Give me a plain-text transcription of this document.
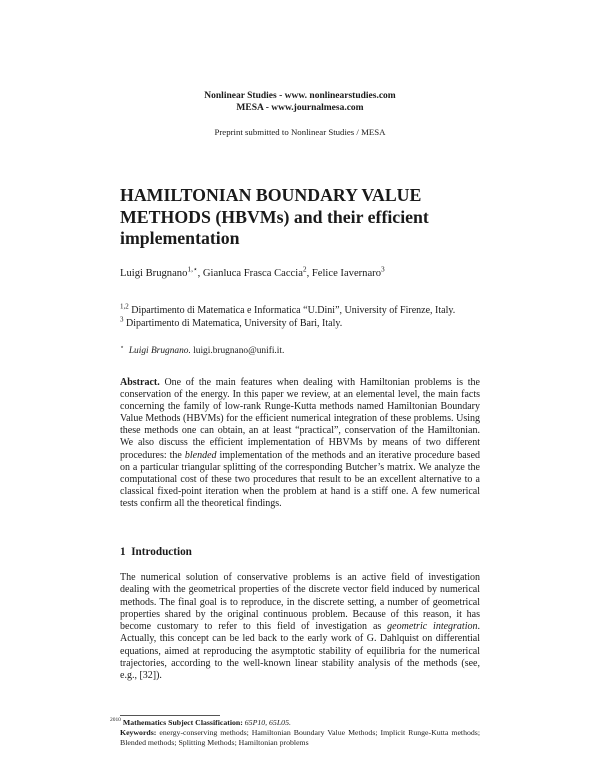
Nonlinear Studies - www. nonlinearstudies.com
MESA - www.journalmesa.com
Preprint submitted to Nonlinear Studies / MESA
HAMILTONIAN BOUNDARY VALUE
METHODS (HBVMs) and their efficient
implementation
Luigi Brugnano$^{1,⋆}$, Gianluca Frasca Caccia$^2$, Felice Iavernaro$^3$
$^{1,2}$ Dipartimento di Matematica e Informatica “U.Dini”, University of Firenze, Italy.
$^3$ Dipartimento di Matematica, University of Bari, Italy.
⋆ Luigi Brugnano. luigi.brugnano@unifi.it.
Abstract. One of the main features when dealing with Hamiltonian problems is the conservation of the energy. In this paper we review, at an elemental level, the main facts concerning the family of low-rank Runge-Kutta methods named Hamiltonian Boundary Value Methods (HBVMs) for the efficient numerical integration of these problems. Using these methods one can obtain, an at least “practical”, conservation of the Hamiltonian. We also discuss the efficient implementation of HBVMs by means of two different procedures: the blended implementation of the methods and an iterative procedure based on a particular triangular splitting of the corresponding Butcher’s matrix. We analyze the computational cost of these two procedures that result to be an excellent alternative to a classical fixed-point iteration when the problem at hand is a stiff one. A few numerical tests confirm all the theoretical findings.
1 Introduction
The numerical solution of conservative problems is an active field of investigation dealing with the geometrical properties of the discrete vector field induced by numerical methods. The final goal is to reproduce, in the discrete setting, a number of geometrical properties shared by the original continuous problem. Because of this reason, it has become customary to refer to this field of investigation as geometric integration. Actually, this concept can be led back to the early work of G. Dahlquist on differential equations, aimed at reproducing the asymptotic stability of equilibria for the numerical trajectories, according to the well-known linear stability analysis of the methods (see, e.g., [32]).
$^{2010}$ Mathematics Subject Classification: 65P10, 65L05.
Keywords: energy-conserving methods; Hamiltonian Boundary Value Methods; Implicit Runge-Kutta methods; Blended methods; Splitting Methods; Hamiltonian problems
